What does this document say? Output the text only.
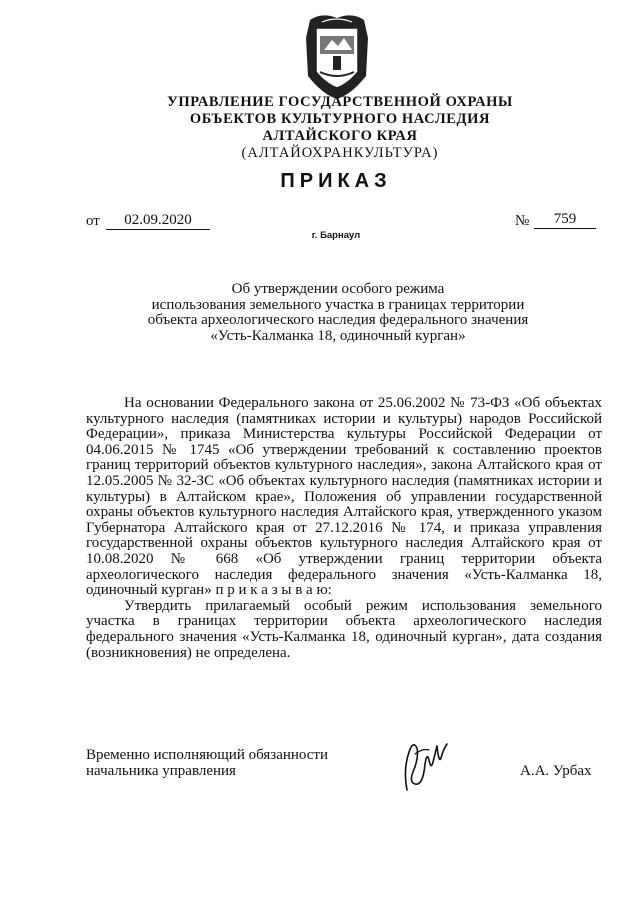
УПРАВЛЕНИЕ ГОСУДАРСТВЕННОЙ ОХРАНЫ
ОБЪЕКТОВ КУЛЬТУРНОГО НАСЛЕДИЯ
АЛТАЙСКОГО КРАЯ
(АЛТАЙОХРАНКУЛЬТУРА)
ПРИКАЗ
от	02.09.2020	№	759
г. Барнаул
Об утверждении особого режима
использования земельного участка в границах территории
объекта археологического наследия федерального значения
«Усть-Калманка 18, одиночный курган»

На основании Федерального закона от 25.06.2002 № 73-ФЗ «Об объектах культурного наследия (памятниках истории и культуры) народов Российской Федерации», приказа Министерства культуры Российской Федерации от 04.06.2015 № 1745 «Об утверждении требований к составлению проектов границ территорий объектов культурного наследия», закона Алтайского края от 12.05.2005 № 32-ЗС «Об объектах культурного наследия (памятниках истории и культуры) в Алтайском крае», Положения об управлении государственной охраны объектов культурного наследия Алтайского края, утвержденного указом Губернатора Алтайского края от 27.12.2016 № 174, и приказа управления государственной охраны объектов культурного наследия Алтайского края от 10.08.2020 № 668 «Об утверждении границ территории объекта археологического наследия федерального значения «Усть-Калманка 18, одиночный курган» п р и к а з ы в а ю:

Утвердить прилагаемый особый режим использования земельного участка в границах территории объекта археологического наследия федерального значения «Усть-Калманка 18, одиночный курган», дата создания (возникновения) не определена.

Временно исполняющий обязанности
начальника управления	А.А. Урбах
